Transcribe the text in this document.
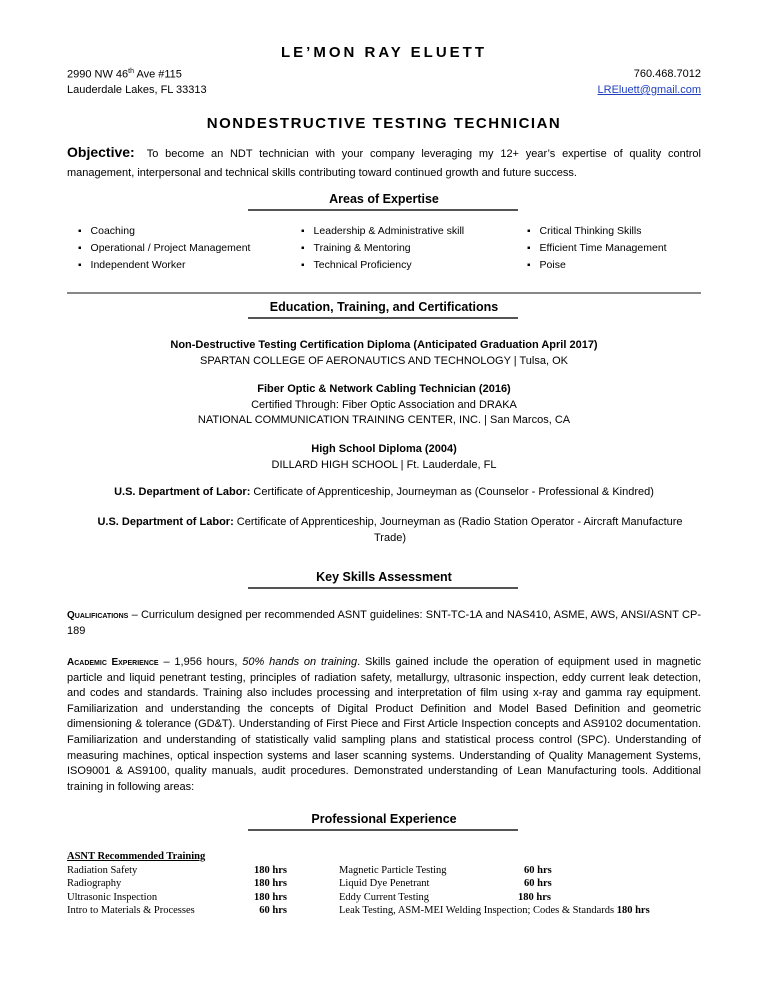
LE’MON RAY ELUETT
2990 NW 46th Ave #115
Lauderdale Lakes, FL 33313
760.468.7012
LREluett@gmail.com
NONDESTRUCTIVE TESTING TECHNICIAN
Objective: To become an NDT technician with your company leveraging my 12+ year’s expertise of quality control management, interpersonal and technical skills contributing toward continued growth and future success.
Areas of Expertise
▪ Coaching
▪ Operational / Project Management
▪ Independent Worker
▪ Leadership & Administrative skill
▪ Training & Mentoring
▪ Technical Proficiency
▪ Critical Thinking Skills
▪ Efficient Time Management
▪ Poise
Education, Training, and Certifications
Non-Destructive Testing Certification Diploma (Anticipated Graduation April 2017)
SPARTAN COLLEGE OF AERONAUTICS AND TECHNOLOGY | Tulsa, OK
Fiber Optic & Network Cabling Technician (2016)
Certified Through: Fiber Optic Association and DRAKA
NATIONAL COMMUNICATION TRAINING CENTER, INC. | San Marcos, CA
High School Diploma (2004)
DILLARD HIGH SCHOOL | Ft. Lauderdale, FL
U.S. Department of Labor: Certificate of Apprenticeship, Journeyman as (Counselor - Professional & Kindred)
U.S. Department of Labor: Certificate of Apprenticeship, Journeyman as (Radio Station Operator - Aircraft Manufacture Trade)
Key Skills Assessment
Qualifications – Curriculum designed per recommended ASNT guidelines: SNT-TC-1A and NAS410, ASME, AWS, ANSI/ASNT CP-189
Academic Experience – 1,956 hours, 50% hands on training. Skills gained include the operation of equipment used in magnetic particle and liquid penetrant testing, principles of radiation safety, metallurgy, ultrasonic inspection, eddy current leak detection, and codes and standards. Training also includes processing and interpretation of film using x-ray and gamma ray equipment. Familiarization and understanding the concepts of Digital Product Definition and Model Based Definition and geometric dimensioning & tolerance (GD&T). Understanding of First Piece and First Article Inspection concepts and AS9102 documentation. Familiarization and understanding of statistically valid sampling plans and statistical process control (SPC). Understanding of measuring machines, optical inspection systems and laser scanning systems. Understanding of Quality Management Systems, ISO9001 & AS9100, quality manuals, audit procedures. Demonstrated understanding of Lean Manufacturing tools. Additional training in following areas:
Professional Experience
ASNT Recommended Training
Radiation Safety	180 hrs
Radiography	180 hrs
Ultrasonic Inspection	180 hrs
Intro to Materials & Processes	60 hrs
Magnetic Particle Testing	60 hrs
Liquid Dye Penetrant	60 hrs
Eddy Current Testing	180 hrs
Leak Testing, ASM-MEI Welding Inspection; Codes & Standards 180 hrs
